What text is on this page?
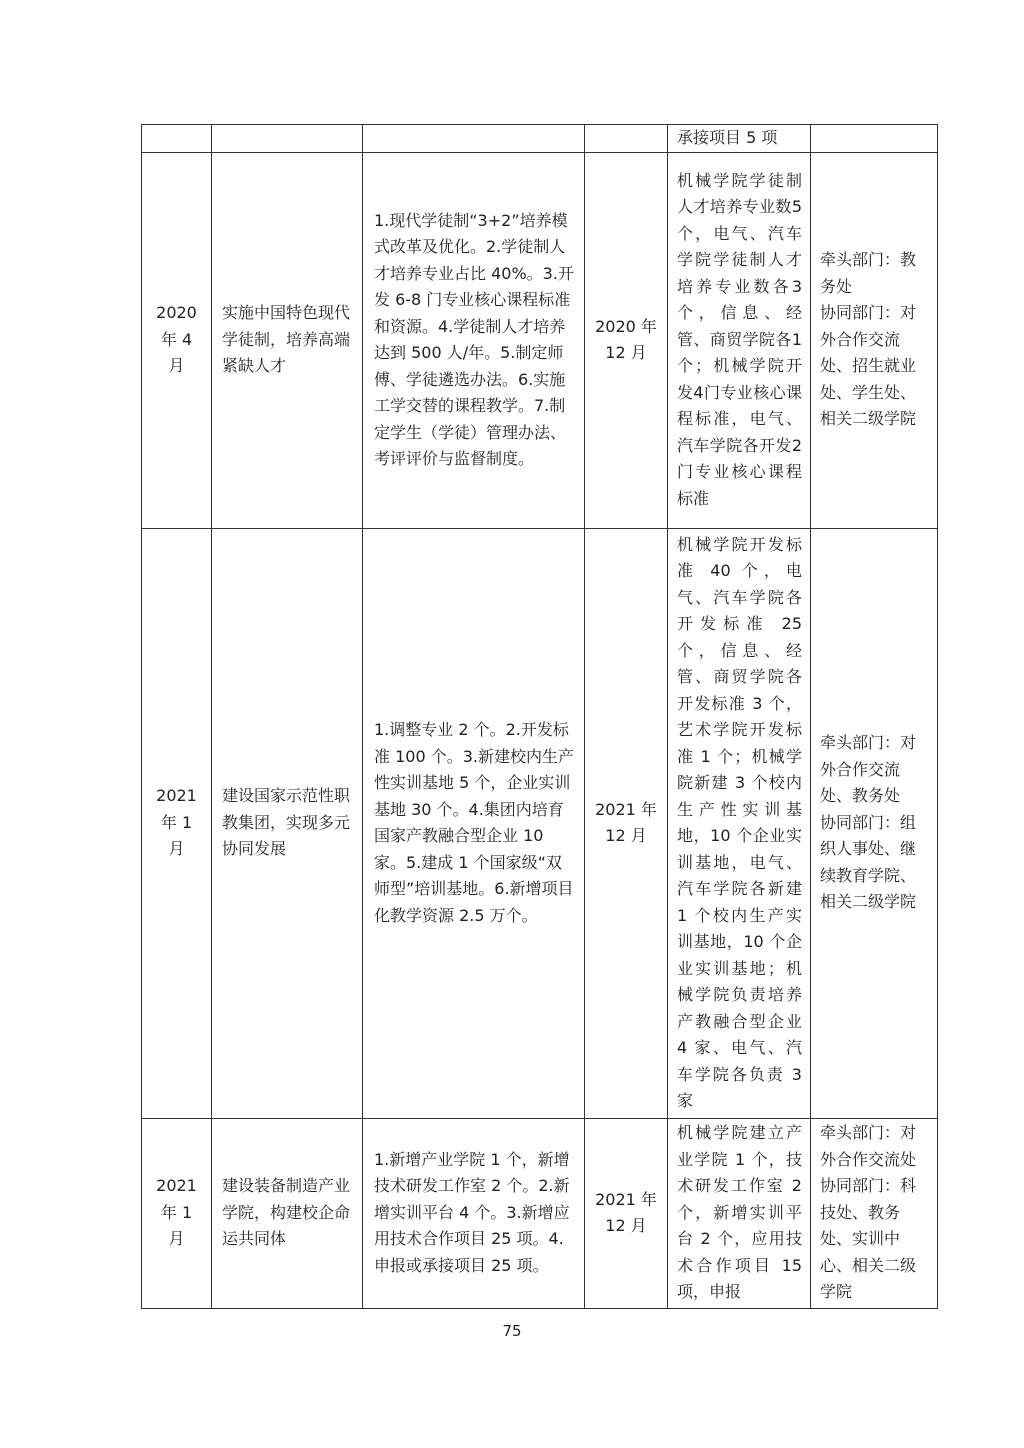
				承接项目 5 项	
2020
年 4
月	实施中国特色现代学徒制，培养高端紧缺人才	1.现代学徒制“3+2”培养模式改革及优化。2.学徒制人才培养专业占比 40%。3.开发 6-8 门专业核心课程标准和资源。4.学徒制人才培养达到 500 人/年。5.制定师傅、学徒遴选办法。6.实施工学交替的课程教学。7.制定学生（学徒）管理办法、考评评价与监督制度。	2020 年
12 月	机械学院学徒制人才培养专业数5个，电气、汽车学院学徒制人才培养专业数各3个，信息、经管、商贸学院各1个；机械学院开发4门专业核心课程标准，电气、汽车学院各开发2门专业核心课程标准	牵头部门：教务处
协同部门：对外合作交流处、招生就业处、学生处、相关二级学院
2021
年 1
月	建设国家示范性职教集团，实现多元协同发展	1.调整专业 2 个。2.开发标准 100 个。3.新建校内生产性实训基地 5 个，企业实训基地 30 个。4.集团内培育国家产教融合型企业 10 家。5.建成 1 个国家级“双师型”培训基地。6.新增项目化教学资源 2.5 万个。	2021 年
12 月	机械学院开发标准 40 个，电气、汽车学院各开发标准 25 个，信息、经管、商贸学院各开发标准 3 个，艺术学院开发标准 1 个；机械学院新建 3 个校内生产性实训基地，10 个企业实训基地，电气、汽车学院各新建 1 个校内生产实训基地，10 个企业实训基地；机械学院负责培养产教融合型企业 4 家、电气、汽车学院各负责 3 家	牵头部门：对外合作交流处、教务处
协同部门：组织人事处、继续教育学院、相关二级学院
2021
年 1
月	建设装备制造产业学院，构建校企命运共同体	1.新增产业学院 1 个，新增技术研发工作室 2 个。2.新增实训平台 4 个。3.新增应用技术合作项目 25 项。4.申报或承接项目 25 项。	2021 年
12 月	机械学院建立产业学院 1 个，技术研发工作室 2 个，新增实训平台 2 个，应用技术合作项目 15 项，申报	牵头部门：对外合作交流处
协同部门：科技处、教务处、实训中心、相关二级学院
75
